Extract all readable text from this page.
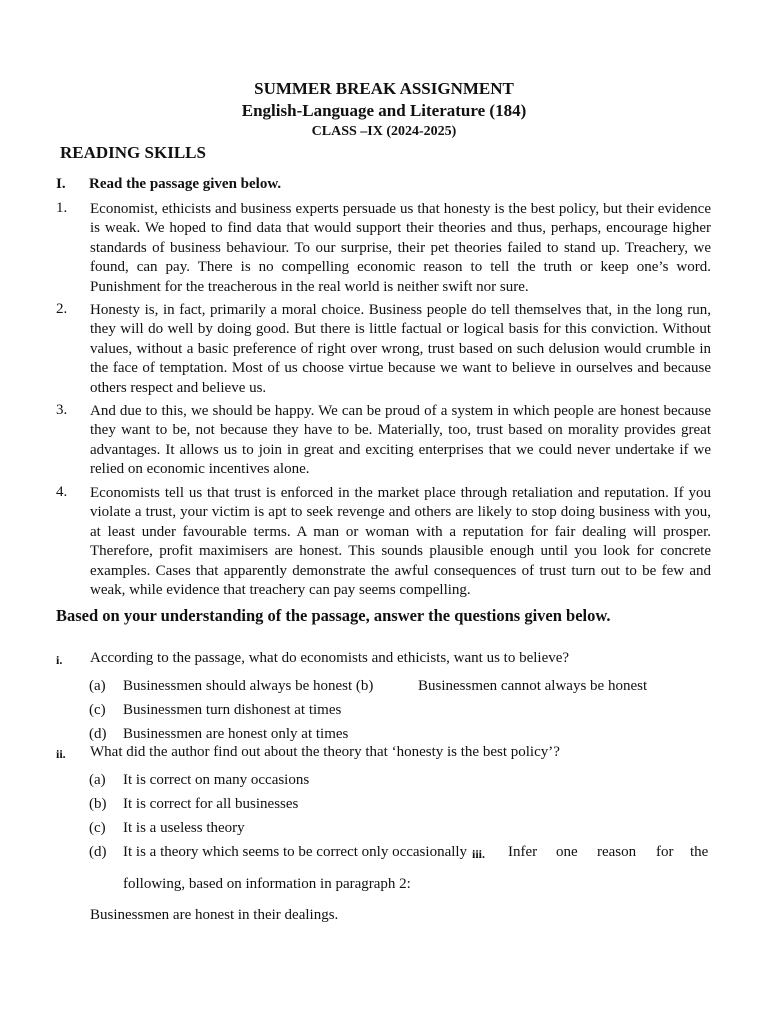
SUMMER BREAK ASSIGNMENT
English-Language and Literature (184)
CLASS –IX (2024-2025)
READING SKILLS
I. Read the passage given below.
1. Economist, ethicists and business experts persuade us that honesty is the best policy, but their evidence is weak. We hoped to find data that would support their theories and thus, perhaps, encourage higher standards of business behaviour. To our surprise, their pet theories failed to stand up. Treachery, we found, can pay. There is no compelling economic reason to tell the truth or keep one’s word. Punishment for the treacherous in the real world is neither swift nor sure.
2. Honesty is, in fact, primarily a moral choice. Business people do tell themselves that, in the long run, they will do well by doing good. But there is little factual or logical basis for this conviction. Without values, without a basic preference of right over wrong, trust based on such delusion would crumble in the face of temptation. Most of us choose virtue because we want to believe in ourselves and because others respect and believe us.
3. And due to this, we should be happy. We can be proud of a system in which people are honest because they want to be, not because they have to be. Materially, too, trust based on morality provides great advantages. It allows us to join in great and exciting enterprises that we could never undertake if we relied on economic incentives alone.
4. Economists tell us that trust is enforced in the market place through retaliation and reputation. If you violate a trust, your victim is apt to seek revenge and others are likely to stop doing business with you, at least under favourable terms. A man or woman with a reputation for fair dealing will prosper. Therefore, profit maximisers are honest. This sounds plausible enough until you look for concrete examples. Cases that apparently demonstrate the awful consequences of trust turn out to be few and weak, while evidence that treachery can pay seems compelling.
Based on your understanding of the passage, answer the questions given below.
i. According to the passage, what do economists and ethicists, want us to believe?
(a) Businessmen should always be honest (b)	Businessmen cannot always be honest
(c) Businessmen turn dishonest at times
(d) Businessmen are honest only at times
ii. What did the author find out about the theory that ‘honesty is the best policy’?
(a) It is correct on many occasions
(b) It is correct for all businesses
(c) It is a useless theory
(d) It is a theory which seems to be correct only occasionally iii. Infer one reason for the
following, based on information in paragraph 2:
Businessmen are honest in their dealings.
